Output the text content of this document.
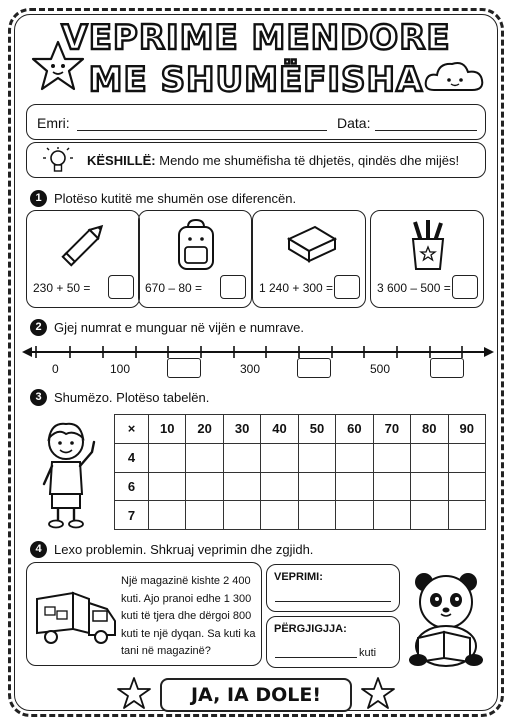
VEPRIME MENDORE
ME SHUMËFISHA
Emri:	Data:
KËSHILLË: Mendo me shumëfisha të dhjetës, qindës dhe mijës!
1 Plotëso kutitë me shumën ose diferencën.
230 + 50 =	670 – 80 =	1 240 + 300 =	3 600 – 500 =
2 Gjej numrat e munguar në vijën e numrave.
0	100	300	500
3 Shumëzo. Plotëso tabelën.
×	10	20	30	40	50	60	70	80	90
4									
6									
7									
4 Lexo problemin. Shkruaj veprimin dhe zgjidh.
Një magazinë kishte 2 400 kuti. Ajo pranoi edhe 1 300 kuti të tjera dhe dërgoi 800 kuti te një dyqan. Sa kuti ka tani në magazinë?
VEPRIMI:
PËRGJIGJJA:
kuti
JA, IA DOLE!
